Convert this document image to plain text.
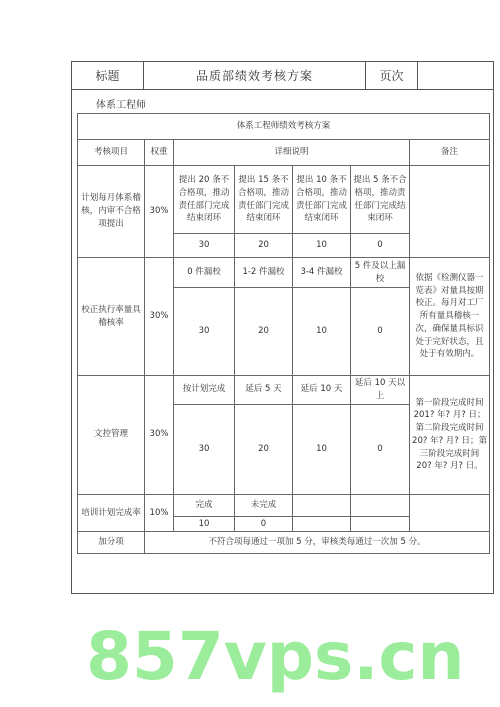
标题	品质部绩效考核方案	页次
体系工程师
体系工程师绩效考核方案						
考核项目	权重	详细说明				备注
计划每月体系稽核，内审不合格项提出	30%	提出 20 条不合格项，推动责任部门完成结束闭环	提出 15 条不合格项，推动责任部门完成结束闭环	提出 10 条不合格项，推动责任部门完成结束闭环	提出 5 条不合格项，推动责任部门完成结束闭环	
		30	20	10	0	
校正执行率量具稽核率	30%	0 件漏校	1-2 件漏校	3-4 件漏校	5 件及以上漏校	依据《检测仪器一览表》对量具按期校正。每月对工厂所有量具稽核一次，确保量具标识处于完好状态，且处于有效期内。
		30	20	10	0	
文控管理	30%	按计划完成	延后 5 天	延后 10 天	延后 10 天以上	第一阶段完成时间 201? 年? 月? 日；第二阶段完成时间 20? 年? 月? 日；第三阶段完成时间 20? 年? 月? 日。
		30	20	10	0	
培训计划完成率	10%	完成	未完成			
		10	0			
加分项	不符合项每通过一项加 5 分，审核类每通过一次加 5 分。					
857vps.cn
